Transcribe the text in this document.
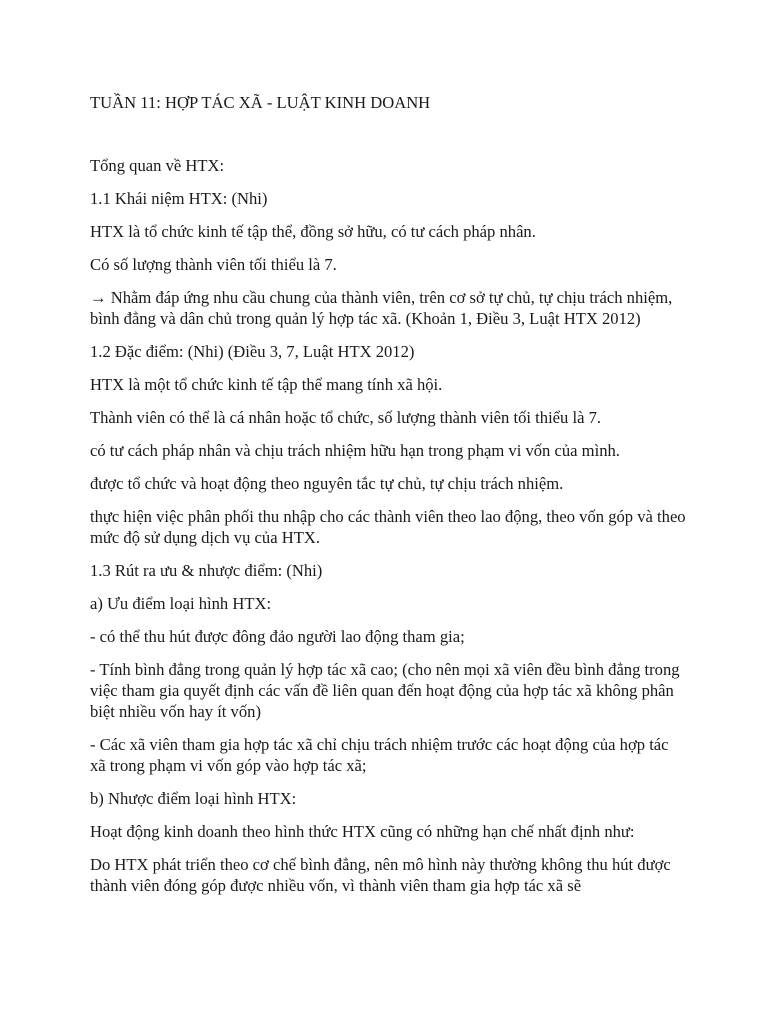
TUẦN 11: HỢP TÁC XÃ - LUẬT KINH DOANH

Tổng quan về HTX:

1.1 Khái niệm HTX: (Nhi)

HTX là tổ chức kinh tế tập thể, đồng sở hữu, có tư cách pháp nhân.

Có số lượng thành viên tối thiểu là 7.

→ Nhằm đáp ứng nhu cầu chung của thành viên, trên cơ sở tự chủ, tự chịu trách nhiệm, bình đẳng và dân chủ trong quản lý hợp tác xã. (Khoản 1, Điều 3, Luật HTX 2012)

1.2 Đặc điểm: (Nhi) (Điều 3, 7, Luật HTX 2012)

HTX là một tổ chức kinh tế tập thể mang tính xã hội.

Thành viên có thể là cá nhân hoặc tổ chức, số lượng thành viên tối thiểu là 7.

có tư cách pháp nhân và chịu trách nhiệm hữu hạn trong phạm vi vốn của mình.

được tổ chức và hoạt động theo nguyên tắc tự chủ, tự chịu trách nhiệm.

thực hiện việc phân phối thu nhập cho các thành viên theo lao động, theo vốn góp và theo mức độ sử dụng dịch vụ của HTX.

1.3 Rút ra ưu & nhược điểm: (Nhi)

a) Ưu điểm loại hình HTX:

- có thể thu hút được đông đảo người lao động tham gia;

- Tính bình đẳng trong quản lý hợp tác xã cao; (cho nên mọi xã viên đều bình đẳng trong việc tham gia quyết định các vấn đề liên quan đến hoạt động của hợp tác xã không phân biệt nhiều vốn hay ít vốn)

- Các xã viên tham gia hợp tác xã chỉ chịu trách nhiệm trước các hoạt động của hợp tác xã trong phạm vi vốn góp vào hợp tác xã;

b) Nhược điểm loại hình HTX:

Hoạt động kinh doanh theo hình thức HTX cũng có những hạn chế nhất định như:

Do HTX phát triển theo cơ chế bình đẳng, nên mô hình này thường không thu hút được thành viên đóng góp được nhiều vốn, vì thành viên tham gia hợp tác xã sẽ
